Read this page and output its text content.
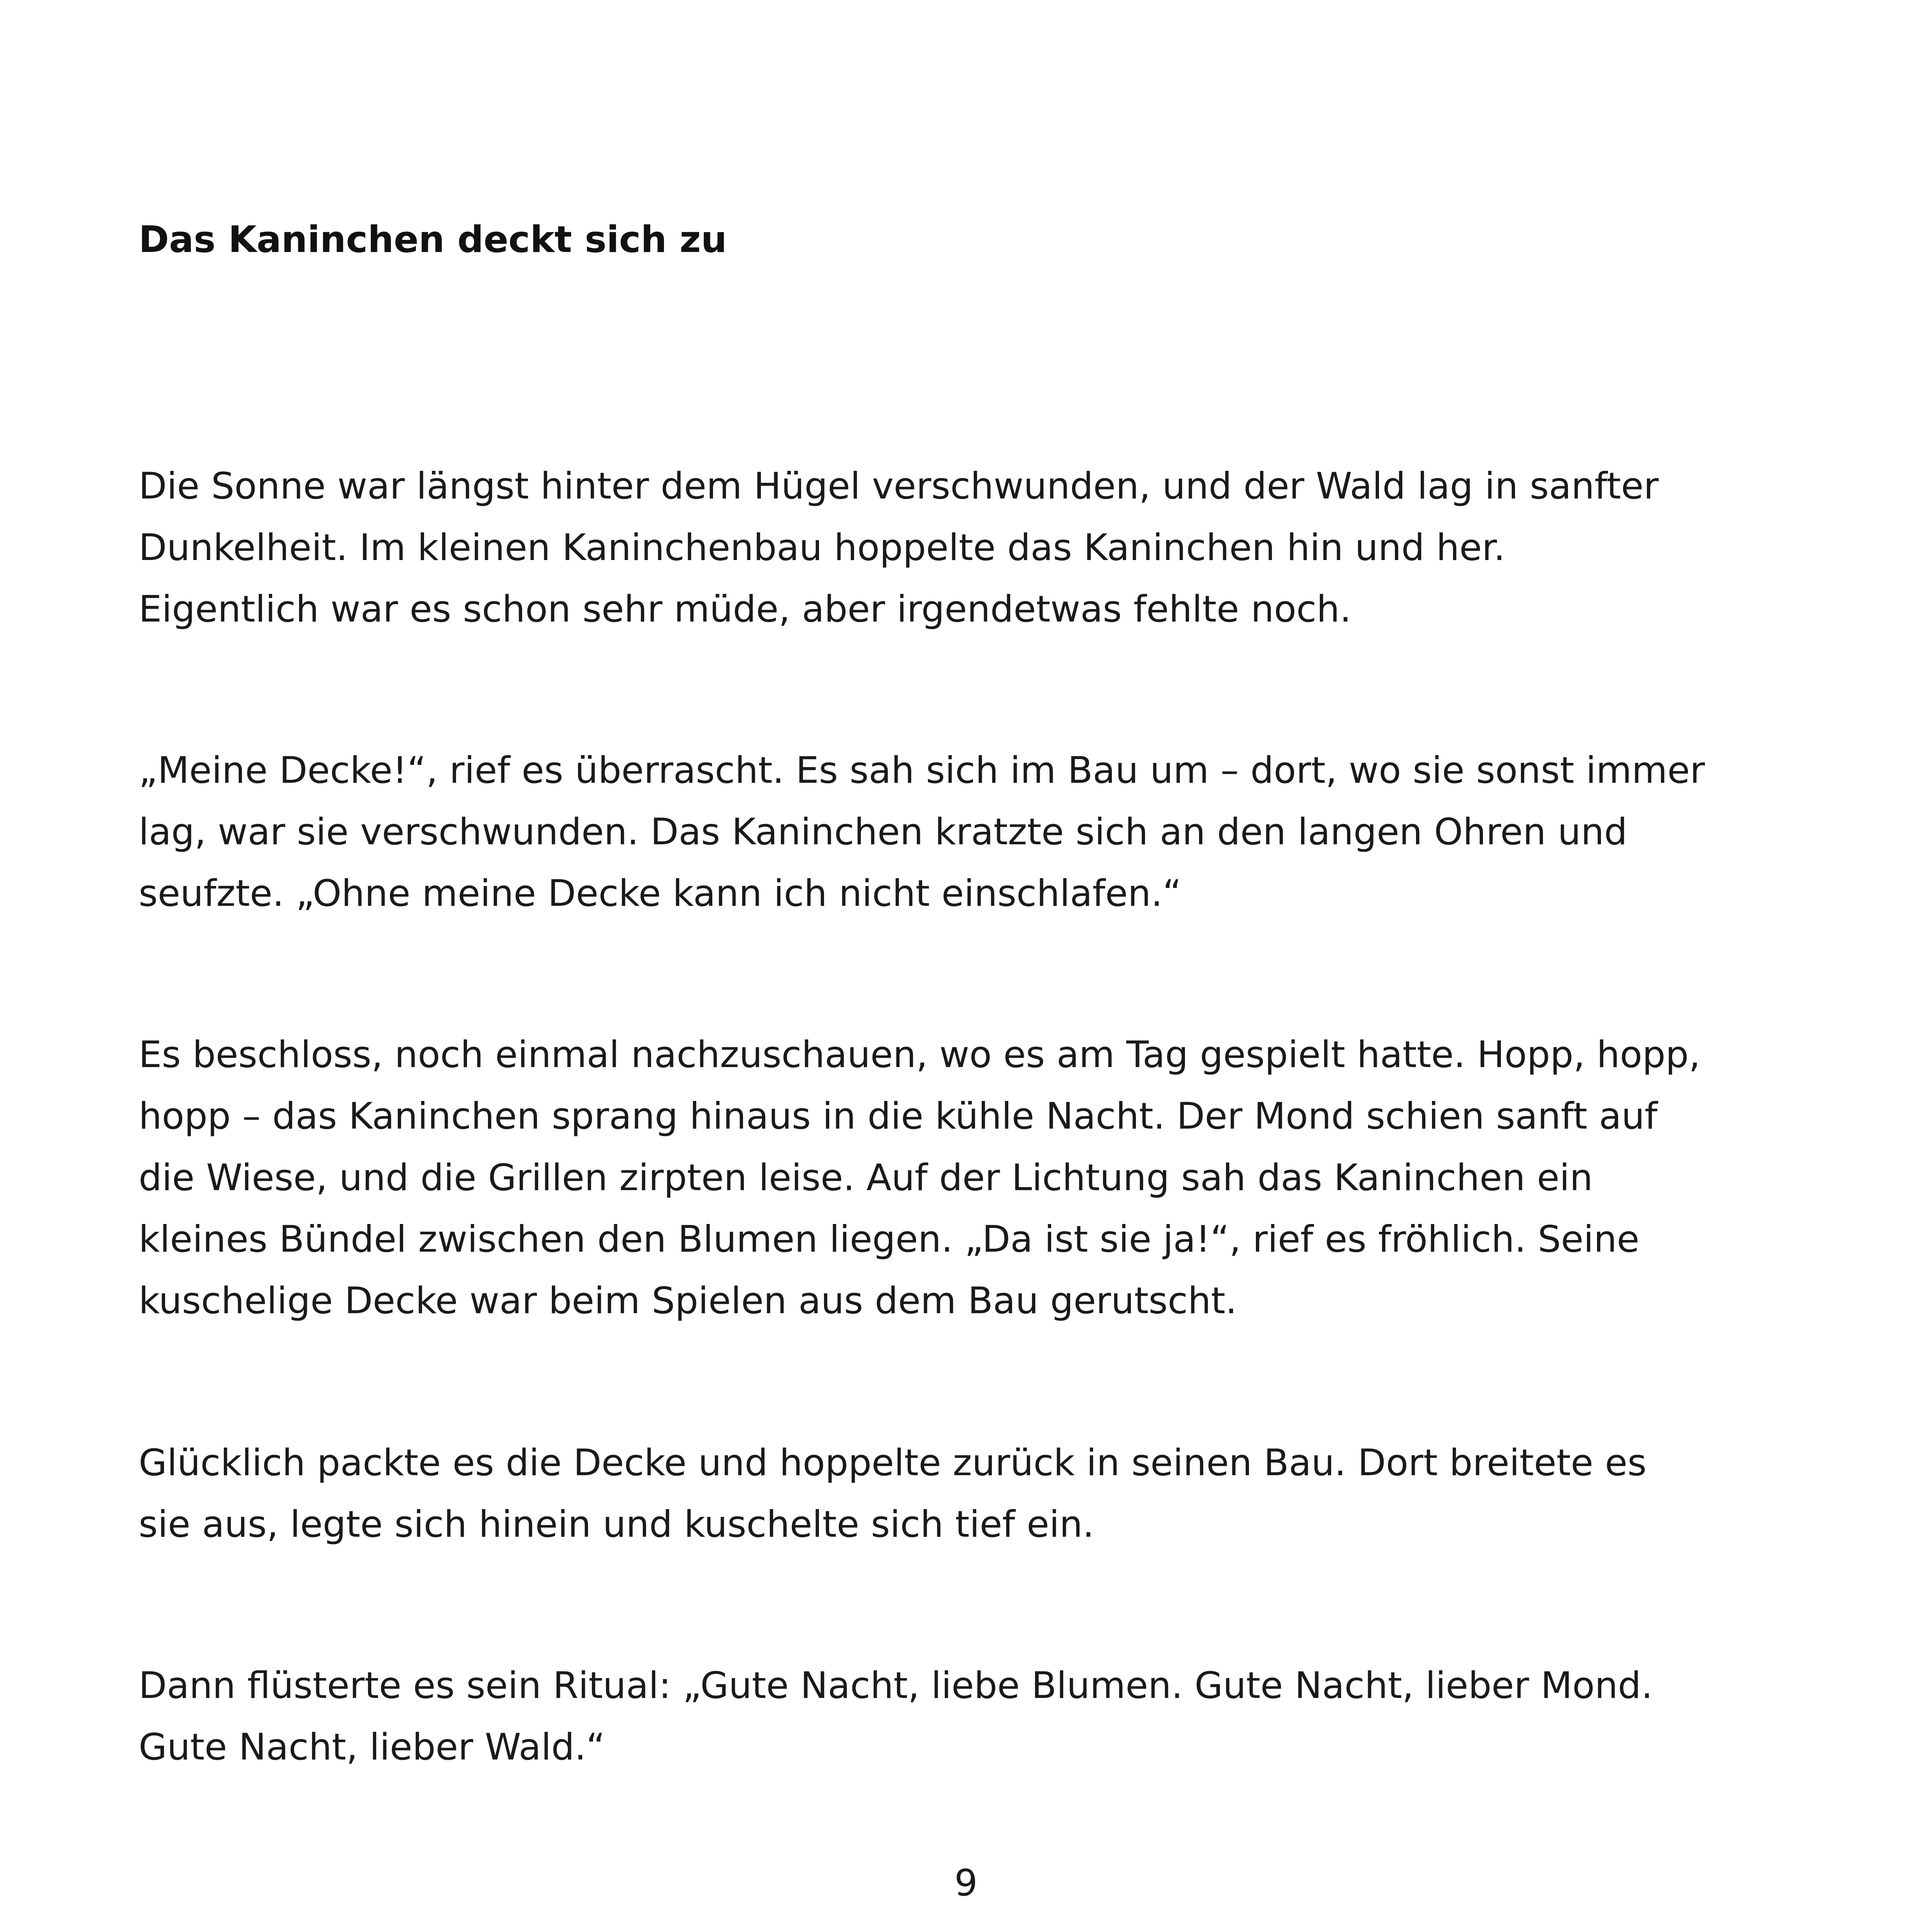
Das Kaninchen deckt sich zu

Die Sonne war längst hinter dem Hügel verschwunden, und der Wald lag in sanfter
Dunkelheit. Im kleinen Kaninchenbau hoppelte das Kaninchen hin und her.
Eigentlich war es schon sehr müde, aber irgendetwas fehlte noch.

„Meine Decke!“, rief es überrascht. Es sah sich im Bau um – dort, wo sie sonst immer
lag, war sie verschwunden. Das Kaninchen kratzte sich an den langen Ohren und
seufzte. „Ohne meine Decke kann ich nicht einschlafen.“

Es beschloss, noch einmal nachzuschauen, wo es am Tag gespielt hatte. Hopp, hopp,
hopp – das Kaninchen sprang hinaus in die kühle Nacht. Der Mond schien sanft auf
die Wiese, und die Grillen zirpten leise. Auf der Lichtung sah das Kaninchen ein
kleines Bündel zwischen den Blumen liegen. „Da ist sie ja!“, rief es fröhlich. Seine
kuschelige Decke war beim Spielen aus dem Bau gerutscht.

Glücklich packte es die Decke und hoppelte zurück in seinen Bau. Dort breitete es
sie aus, legte sich hinein und kuschelte sich tief ein.

Dann flüsterte es sein Ritual: „Gute Nacht, liebe Blumen. Gute Nacht, lieber Mond.
Gute Nacht, lieber Wald.“

9
